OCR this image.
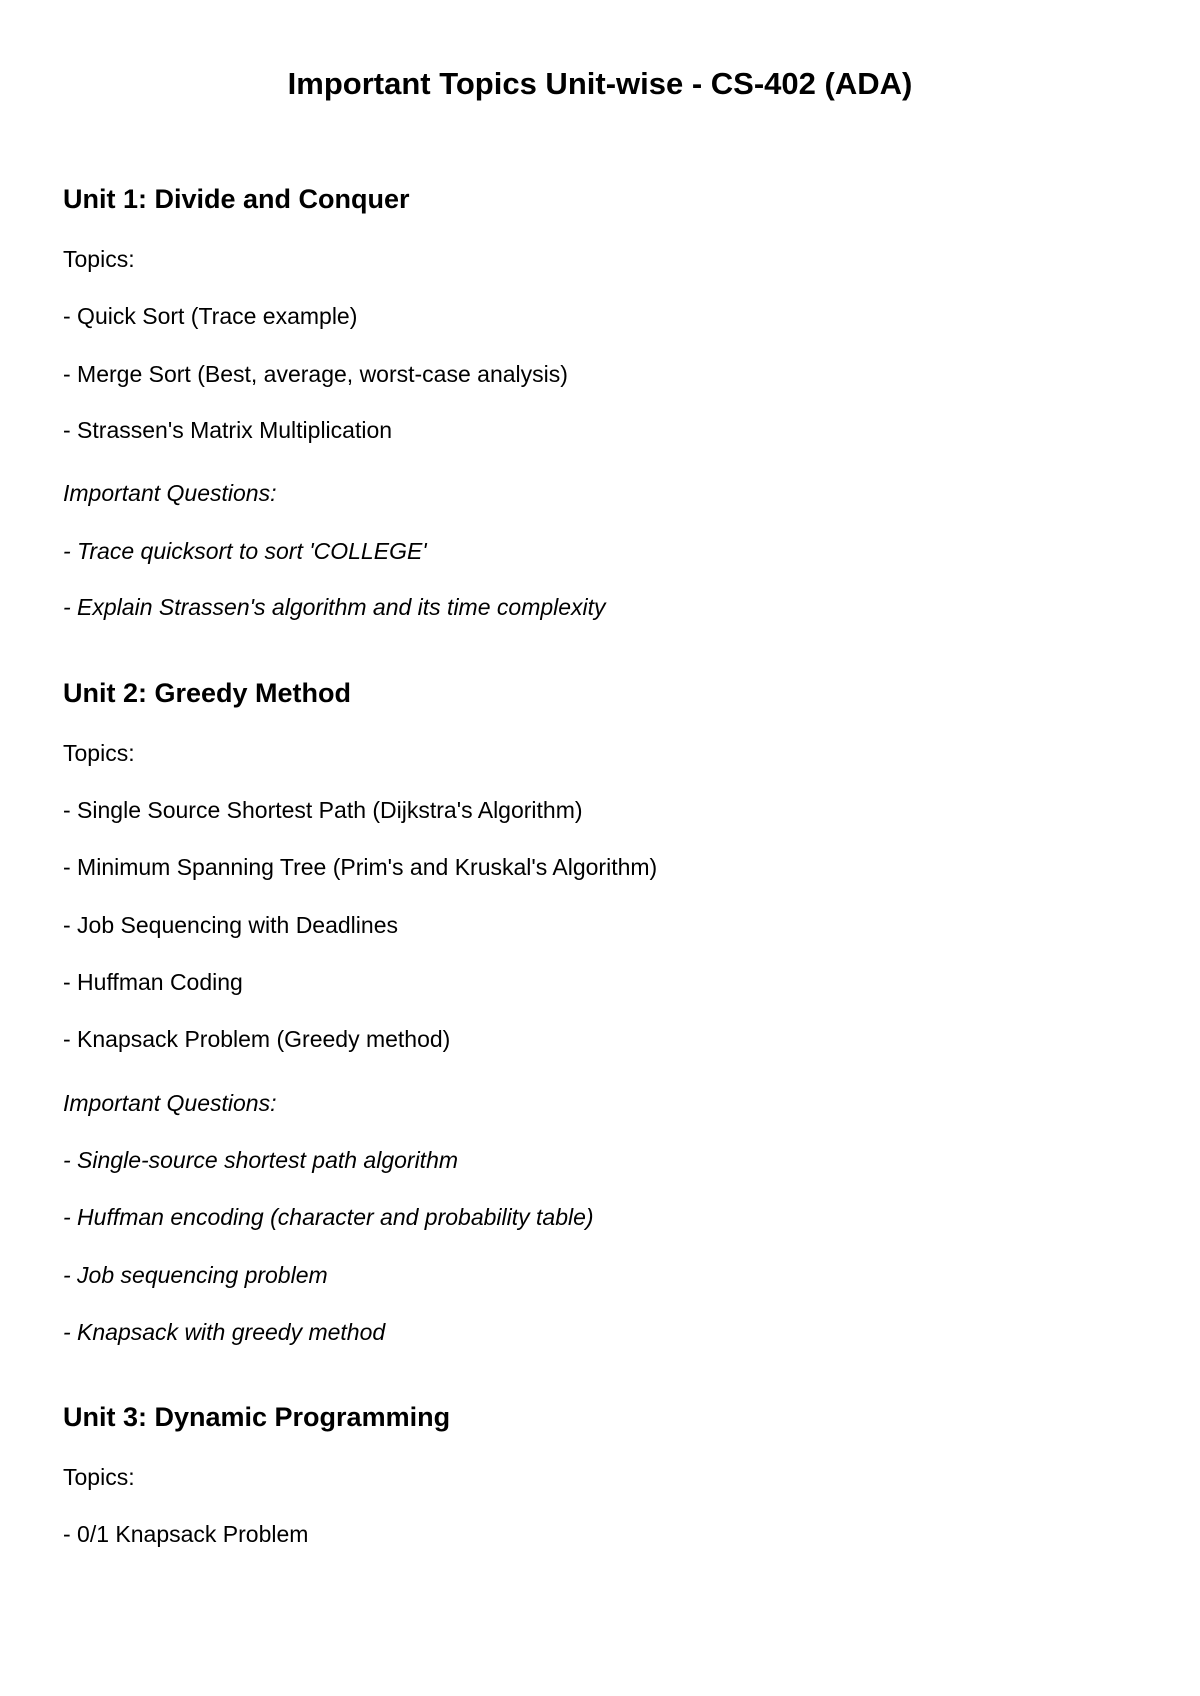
Important Topics Unit-wise - CS-402 (ADA)
Unit 1: Divide and Conquer

Topics:

- Quick Sort (Trace example)

- Merge Sort (Best, average, worst-case analysis)

- Strassen's Matrix Multiplication

Important Questions:

- Trace quicksort to sort 'COLLEGE'

- Explain Strassen's algorithm and its time complexity

Unit 2: Greedy Method

Topics:

- Single Source Shortest Path (Dijkstra's Algorithm)

- Minimum Spanning Tree (Prim's and Kruskal's Algorithm)

- Job Sequencing with Deadlines

- Huffman Coding

- Knapsack Problem (Greedy method)

Important Questions:

- Single-source shortest path algorithm

- Huffman encoding (character and probability table)

- Job sequencing problem

- Knapsack with greedy method

Unit 3: Dynamic Programming

Topics:

- 0/1 Knapsack Problem
